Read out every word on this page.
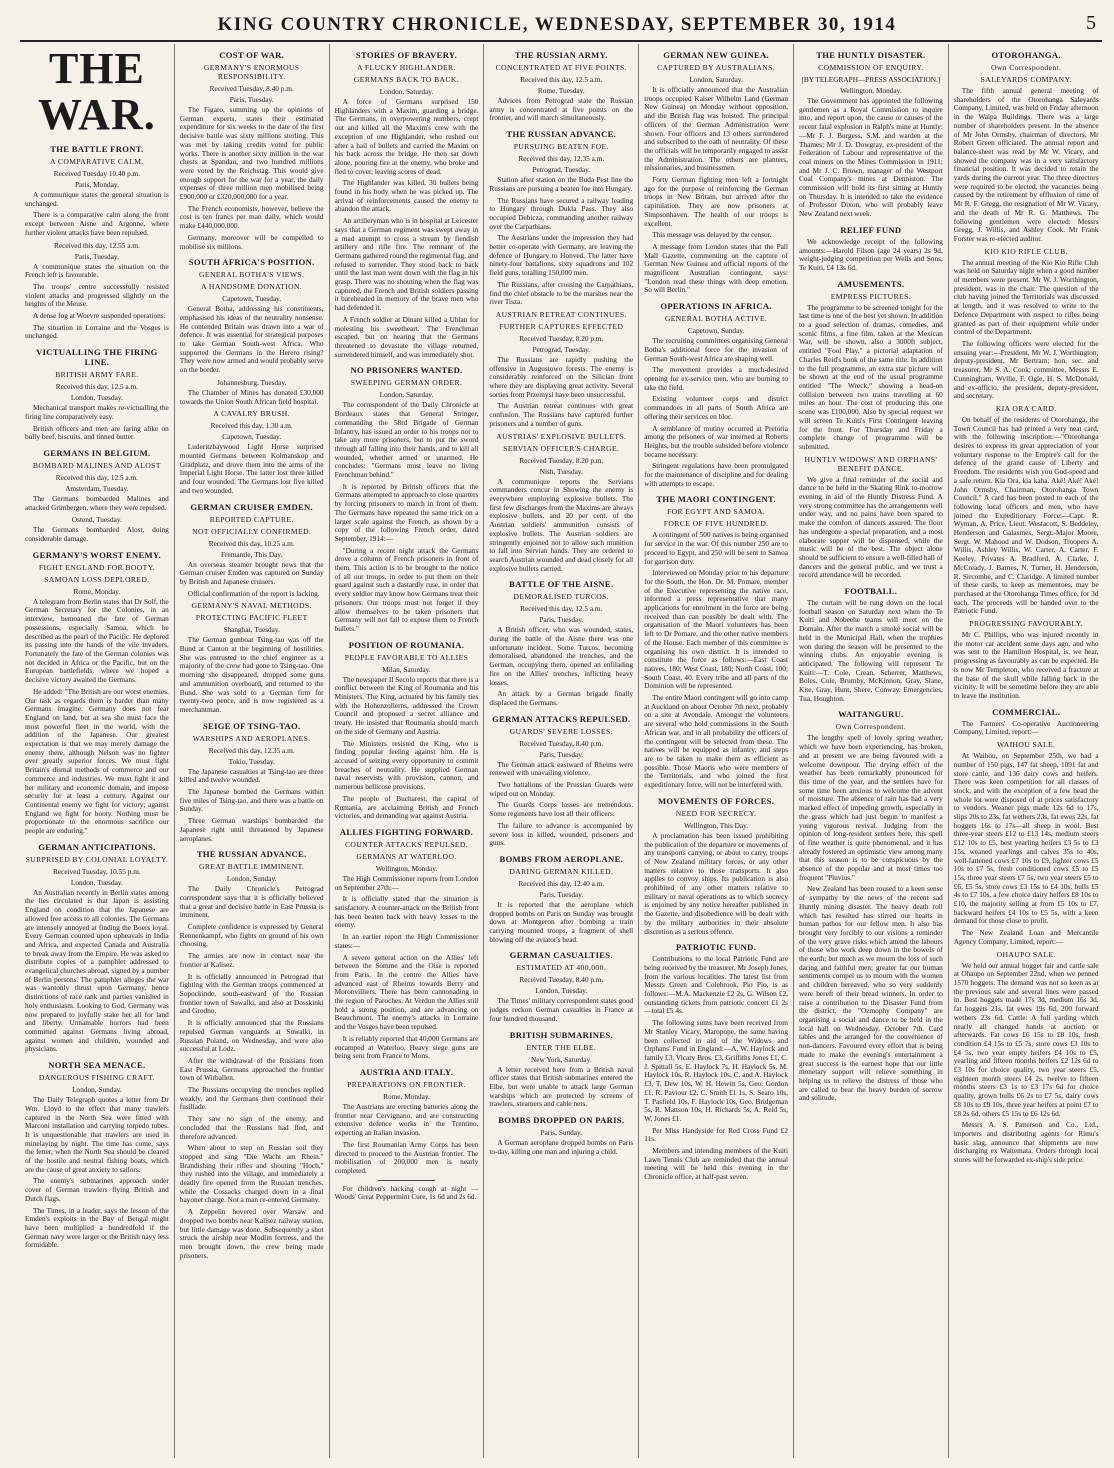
KING COUNTRY CHRONICLE, WEDNESDAY, SEPTEMBER 30, 1914	5
THE WAR.
THE BATTLE FRONT.
A COMPARATIVE CALM.
Received Tuesday 10.40 p.m.
Paris, Monday.
A communique states the general situation is unchanged.
There is a comparative calm along the front except between Aisne and Argonne, where further violent attacks have been repulsed.
Received this day, 12.55 a.m.
Paris, Tuesday.
A communique states the situation on the French left is favourable.
The troops' centre successfully resisted violent attacks and progressed slightly on the heights of the Meuse.
A dense fog at Woevre suspended operations.
The situation in Lorraine and the Vosges is unchanged.
VICTUALLING THE FIRING LINE.
BRITISH ARMY FARE.
Received this day, 12.5 a.m.
London, Tuesday.
Mechanical transport makes re-victualling the firing line comparatively easy.
British officers and men are faring alike on bully beef, biscuits, and tinned butter.
GERMANS IN BELGIUM.
BOMBARD MALINES AND ALOST
Received this day, 12.5 a.m.
Amsterdam, Tuesday.
The Germans bombarded Malines and attacked Grimbergen, where they were repulsed.
Ostend, Tuesday.
The Germans bombarded Alost, doing considerable damage.
GERMANY'S WORST ENEMY.
FIGHT ENGLAND FOR BOOTY.
SAMOAN LOSS DEPLORED.
Rome, Monday.
A telegram from Berlin states that Dr Solf, the German Secretary for the Colonies, in an interview, bemoaned the fate of German possessions, especially Samoa, which he described as the pearl of the Pacific. He deplored its passing into the hands of the vile invaders. Fortunately the fate of the German colonies was not decided in Africa or the Pacific, but on the European battlefields, where we hoped a decisive victory awaited the Germans.
He added: "The British are our worst enemies. Our task as regards them is harder than many Germans imagine. Germany does not fear England on land, but at sea she must face the most powerful fleet in the world, with the addition of the Japanese. Our greatest expectation is that we may merely damage the enemy there, although Nelson was no fighter over greatly superior forces. We must fight Britain's dismal methods of commerce and our commerce and industries. We must fight it and her military and economic domain, and impose security for at least a century. Against our Continental enemy we fight for victory; against England we fight for booty. Nothing must be proportionate to the enormous sacrifice our people are enduring."
GERMAN ANTICIPATIONS.
SURPRISED BY COLONIAL LOYALTY.
Received Tuesday, 10.55 p.m.
London, Tuesday.
An Australian recently in Berlin states among the lies circulated is that Japan is assisting England on condition that the Japanese are allowed free access to all colonies. The Germans are intensely annoyed at finding the Boers loyal. Every German counted upon upheavals in India and Africa, and expected Canada and Australia to break away from the Empire. He was asked to distribute copies of a pamphlet addressed to evangelical churches abroad, signed by a number of Berlin persons. The pamphlet alleges the war was wantonly thrust upon Germany, hence distinctions of race rank and parties vanished in holy enthusiasm. Looking to God, Germany was now prepared to joyfully stake her all for land and liberty. Unnamable horrors had been committed against Germans living abroad, against women and children, wounded and physicians.
NORTH SEA MENACE.
DANGEROUS FISHING CRAFT.
London, Sunday.
The Daily Telegraph quotes a letter from Dr Wm. Lloyd to the effect that many trawlers captured in the North Sea were fitted with Marconi installation and carrying torpedo tubes. It is unquestionable that trawlers are used in minelaying by night. The time has come, says the letter, when the North Sea should be cleared of the hostile and neutral fishing boats, which are the cause of great anxiety to sailors.
The enemy's submarines approach under cover of German trawlers flying British and Dutch flags.
The Times, in a leader, says the lesson of the Emden's exploits in the Bay of Bengal might have been multiplied a hundredfold if the German navy were larger or the British navy less formidable.
COST OF WAR.
GERMANY'S ENORMOUS RESPONSIBILITY.
Received Tuesday, 8.40 p.m.
Paris, Tuesday.
The Figaro, summing up the opinions of German experts, states their estimated expenditure for six weeks to the date of the first decisive battle was sixty millions sterling. This was met by taking credits voted for public works. There is another sixty million in the war chests at Spandau, and two hundred millions were voted by the Reichstag. This would give enough support for the war for a year, the daily expenses of three million men mobilised being £900,000 or £320,000,000 for a year.
The French economists, however, believe the cost is ten francs per man daily, which would make £440,000,000.
Germany, moreover will be compelled to mobilise six millions.
SOUTH AFRICA'S POSITION.
GENERAL BOTHA'S VIEWS.
A HANDSOME DONATION.
Capetown, Tuesday.
General Botha, addressing his constituents, emphasised his ideas of the neutrality nonsense. He contended Britain was drawn into a war of defence. It was essential for strategical purposes to take German South-west Africa. Who supported the Germans in the Herero rising? They were now armed and would probably serve on the border.
Johannesburg, Tuesday.
The Chamber of Mines has donated £30,000 towards the Union South African field hospital.
A CAVALRY BRUSH.
Received this day, 1.30 a.m.
Capetown, Tuesday.
Luderitzbaywood Light Horse surprised mounted Germans between Kolmanskop and Gradplatz, and drove them into the arms of the Imperial Light Horse. The latter lost three killed and four wounded. The Germans lost five killed and two wounded.
GERMAN CRUISER EMDEN.
REPORTED CAPTURE.
NOT OFFICIALLY CONFIRMED.
Received this day, 10.25 a.m.
Fremantle, This Day.
An overseas steamer brought news that the German cruiser Emden was captured on Sunday by British and Japanese cruisers.
Official confirmation of the report is lacking.
GERMANY'S NAVAL METHODS.
PROTECTING PACIFIC FLEET
Shanghai, Tuesday.
The German gunboat Tsing-tao was off the Bund at Canton at the beginning of hostilities. She was entrusted to the chief engineer as a majority of the crew had gone to Tsing-tao. One morning she disappeared, dropped some guns and ammunition overboard, and returned to the Bund. She was sold to a German firm for twenty-two pence, and is now registered as a merchantman.
SEIGE OF TSING-TAO.
WARSHIPS AND AEROPLANES.
Received this day, 12.35 a.m.
Tokio, Tuesday.
The Japanese casualties at Tsing-tao are three killed and twelve wounded.
The Japanese bombed the Germans within five miles of Tsing-tao, and there was a battle on Sunday.
Three German warships bombarded the Japanese right until threatened by Japanese aeroplanes.
THE RUSSIAN ADVANCE.
GREAT BATTLE IMMINENT.
London, Sunday.
The Daily Chronicle's Petrograd correspondent says that it is officially believed that a great and decisive battle in East Prussia is imminent.
Complete confidence is expressed by General Rennenkampf, who fights on ground of his own choosing.
The armies are now in contact near the frontier at Kalisez.
It is officially announced in Petrograd that fighting with the German troops commenced at Sopockinde, south-eastward of the Russian frontier town of Suwalki, and also at Dosskinki and Grodno.
It is officially announced that the Russians repulsed German vanguards at Suwalki, in Russian Poland, on Wednesday, and were also successful at Lodz.
After the withdrawal of the Russians from East Prussia, Germans approached the frontier town of Wirballen.
The Russians occupying the trenches replied weakly, and the Germans then continued their fusillade.
They saw no sign of the enemy, and concluded that the Russians had fled, and therefore advanced.
When about to step on Russian soil they stopped and sang "Die Wacht am Rhein." Brandishing their rifles and shouting "Hoch," they rushed into the village, and immediately a deadly fire opened from the Russian trenches, while the Cossacks charged down in a final bayonet charge. Not a man re-entered Germany.
A Zeppelin hovered over Warsaw and dropped two bombs near Kalisez railway station, but little damage was done. Subsequently a shot struck the airship near Modlin fortress, and the men brought down, the crew being made prisoners.
STORIES OF BRAVERY.
A FLUCKY HIGHLANDER.
GERMANS BACK TO BACK.
London, Saturday.
A force of Germans surprised 150 Highlanders with a Maxim, guarding a bridge. The Germans, in overpowering numbers, crept out and killed all the Maxim's crew with the exception of one Highlander, who rushed out after a hail of bullets and carried the Maxim on his back across the bridge. He then sat down alone, pouring fire at the enemy, who broke and fled to cover, leaving scores of dead.
The Highlander was killed, 30 bullets being found in his body when he was picked up. The arrival of reinforcements caused the enemy to abandon the attack.
An artilleryman who is in hospital at Leicester says that a German regiment was swept away in a mad attempt to cross a stream by fiendish artillery and rifle fire. The remnant of the Germans gathered round the regimental flag, and refused to surrender. They stood back to back until the last man went down with the flag in his grasp. There was no shouting when the flag was captured, the French and British soldiers passing it bareheaded in memory of the brave men who had defended it.
A French soldier at Dinant killed a Uhlan for molesting his sweetheart. The Frenchman escaped, but on hearing that the Germans threatened to devastate the village returned, surrendered himself, and was immediately shot.
NO PRISONERS WANTED.
SWEEPING GERMAN ORDER.
London, Saturday.
The correspondent of the Daily Chronicle at Bordeaux states that General Stringer, commanding the 58rd Brigade of German Infantry, has issued an order to his troops not to take any more prisoners, but to put the sword through all falling into their hands, and to kill all wounded, whether armed or unarmed. He concludes: "Germans must leave no living Frenchman behind."
It is reported by British officers that the Germans attempted to approach to close quarters by forcing prisoners to march in front of them. The Germans have repeated the same trick on a larger scale against the French, as shown by a copy of the following French order, dated September, 1914:—
"During a recent night attack the Germans drove a column of French prisoners in front of them. This action is to be brought to the notice of all our troops, in order to put them on their guard against such a dastardly ruse, in order that every soldier may know how Germans treat their prisoners. Our troops must not forget if they allow themselves to be taken prisoners that Germany will not fail to expose them to French bullets."
POSITION OF ROUMANIA.
PEOPLE FAVORABLE TO ALLIES
Milan, Saturday.
The newspaper Il Secolo reports that there is a conflict between the King of Roumania and his Ministers. The King, actuated by his family ties with the Hohenzollerns, addressed the Crown Council and proposed a secret alliance and treaty. He insisted that Roumania should march on the side of Germany and Austria.
The Ministers resisted the King, who is finding popular feeling against him. He is accused of seizing every opportunity to commit breaches of neutrality. He supplied German naval reservists with provision, cannon, and numerous bellicose provisions.
The people of Bucharest, the capital of Rumania, are acclaiming British and French victories, and demanding war against Austria.
ALLIES FIGHTING FORWARD.
COUNTER ATTACKS REPULSED.
GERMANS AT WATERLOO.
Wellington, Monday.
The High Commissioner reports from London on September 27th:—
It is officially stated that the situation is satisfactory. A counter-attack on the British front has been beaten back with heavy losses to the enemy.
In an earlier report the High Commissioner states:—
A severe general action on the Allies' left between the Somme and the Oise is reported from Paris. In the centre the Allies have advanced east of Rheims towards Berry and Moronvilliers. There has been cannonading in the region of Paroches. At Verdun the Allies still hold a strong position, and are advancing on Beauchmont. The enemy's attacks in Lorraine and the Vosges have been repulsed.
It is reliably reported that 40,000 Germans are encamped at Waterloo. Heavy siege guns are being sent from France to Mons.
AUSTRIA AND ITALY.
PREPARATIONS ON FRONTIER.
Rome, Monday.
The Austrians are erecting batteries along the frontier near Cervignano, and are constructing extensive defence works in the Trentino, expecting an Italian invasion.
The first Roumanian Army Corps has been directed to proceed to the Austrian frontier. The mobilisation of 200,000 men is nearly completed.
For children's hacking cough at night — Woods' Great Peppermint Cure, 1s 6d and 2s 6d.
THE RUSSIAN ARMY.
CONCENTRATED AT FIVE POINTS.
Received this day, 12.5 a.m.
Rome, Tuesday.
Advices from Petrograd state the Russian army is concentrated at five points on the frontier, and will march simultaneously.
THE RUSSIAN ADVANCE.
PURSUING BEATEN FOE.
Received this day, 12.35 a.m.
Petrograd, Tuesday.
Station after station on the Buda Pest line the Russians are pursuing a beaten foe into Hungary.
The Russians have secured a railway leading to Hungary through Dukla Pass. They also occupied Debicza, commanding another railway over the Carpathians.
The Austrians under the impression they had better co-operate with Germany, are leaving the defence of Hungary to Honved. The latter have ninety-four battalions, sixty squadrons and 102 field guns, totalling 150,000 men.
The Russians, after crossing the Carpathians, find the chief obstacle to be the marshes near the river Tisza.
AUSTRIAN RETREAT CONTINUES.
FURTHER CAPTURES EFFECTED
Received Tuesday, 8.20 p.m.
Petrograd, Tuesday.
The Russians are rapidly pushing the offensive in Augustowo forests. The enemy is considerably reinforced on the Silician front where they are displaying great activity. Several sorties from Przemysl have been unsuccessful.
The Austrian retreat continues with great confusion. The Russians have captured further prisoners and a number of guns.
AUSTRIAS' EXPLOSIVE BULLETS.
SERVIAN OFFICER'S CHARGE.
Received Tuesday, 8.20 p.m.
Nish, Tuesday.
A communique reports the Servians commanders concur in Showing the enemy is everywhere employing explosive bullets. The first few discharges from the Maxims are always explosive bullets, and 20 per cent. of the Austrian soldiers' ammunition consists of explosive bullets. The Austrian soldiers are stringently enjoined not to allow such munition to fall into Servian hands. They are ordered to search Austrian wounded and dead closely for all explosive bullets carried.
BATTLE OF THE AISNE.
DEMORALISED TURCOS.
Received this day, 12.5 a.m.
Paris, Tuesday.
A British officer, who was wounded, states, during the battle of the Aisne there was one unfortunate incident. Some Turcos, becoming demoralised, abandoned the trenches, and the German, occupying them, opened an enfilading fire on the Allies' trenches, inflicting heavy losses.
An attack by a German brigade finally displaced the Germans.
GERMAN ATTACKS REPULSED.
GUARDS' SEVERE LOSSES.
Received Tuesday, 8.40 p.m.
Paris, Tuesday.
The German attack eastward of Rheims were renewed with unavailing violence.
Two battalions of the Prussian Guards were wiped out on Monday.
The Guards Corps losses are tremendous. Some regiments have lost all their officers.
The failure to advance is accompanied by severe loss in killed, wounded, prisoners and guns.
BOMBS FROM AEROPLANE.
DARING GERMAN KILLED.
Received this day, 12.40 a.m.
Paris, Tuesday.
It is reported that the aeroplane which dropped bombs on Paris on Sunday was brought down at Montgeron after bombing a train carrying mounted troops, a fragment of shell blowing off the aviator's head.
GERMAN CASUALTIES.
ESTIMATED AT 400,000.
Received Tuesday, 8.40 p.m.
London, Tuesday.
The Times' military correspondent states good judges reckon German casualties in France at four hundred thousand.
BRITISH SUBMARINES.
ENTER THE ELBE.
New York, Saturday.
A letter received here from a British naval officer states that British submarines entered the Elbe, but were unable to attack large German warships which are protected by screens of trawlers, steamers and cable nets.
BOMBS DROPPED ON PARIS.
Paris, Sunday.
A German aeroplane dropped bombs on Paris to-day, killing one man and injuring a child.
GERMAN NEW GUINEA.
CAPTURED BY AUSTRALIANS.
London, Saturday.
It is officially announced that the Australian troops occupied Kaiser Wilhelm Land (German New Guinea) on Monday without opposition, and the British flag was hoisted. The principal officers of the German Administration were shown. Four officers and 13 others surrendered and subscribed to the oath of neutrality. Of these the officials will be temporarily engaged to assist the Administration. The others are planters, missionaries, and businessmen.
Forty German fighting men left a fortnight ago for the purpose of reinforcing the German troops in New Britain, but arrived after the capitulation. They are now prisoners at Simpsonhaven. The health of our troops is excellent.
This message was delayed by the censor.
A message from London states that the Pall Mall Gazette, commenting on the capture of German New Guinea and official reports of the magnificent Australian contingent, says: "London read these things with deep emotion. So will Berlin."
OPERATIONS IN AFRICA.
GENERAL BOTHA ACTIVE.
Capetown, Sunday.
The recruiting committees organising General Botha's additional force for the invasion of German South-west Africa are shaping well.
The movement provides a much-desired opening for ex-service men, who are burning to take the field.
Existing volunteer corps and district commandoes in all parts of South Africa are offering their services en bloc.
A semblance of mutiny occurred at Pretoria among the prisoners of war interned at Roberts Heights, but the trouble subsided before violence became necessary.
Stringent regulations have been promulgated for the maintenance of discipline and for dealing with attempts to escape.
THE MAORI CONTINGENT.
FOR EGYPT AND SAMOA.
FORCE OF FIVE HUNDRED.
A contingent of 500 natives is being organised for service in the war. Of this number 250 are to proceed to Egypt, and 250 will be sent to Samoa for garrison duty.
Interviewed on Monday prior to his departure for the South, the Hon. Dr. M. Pomare, member of the Executive representing the native race, informed a press representative that many applications for enrolment in the force are being received than can possibly be dealt with. The organisation of the Maori volunteers has been left to Dr Pomare, and the other native members of the House. Each member of this committee is organising his own district. It is intended to constitute the force as follows:—East Coast natives, 180; West Coast, 180; North Coast, 100; South Coast, 40. Every tribe and all parts of the Dominion will be represented.
The entire Maori contingent will go into camp at Auckland on about October 7th next, probably on a site at Avondale. Amongst the volunteers are several who hold commissions in the South African war, and in all probability the officers of the contingent will be selected from these. The natives will be equipped as infantry, and steps are to be taken to make them as efficient as possible. Those Maoris who were members of the Territorials, and who joined the first expeditionary force, will not be interfered with.
MOVEMENTS OF FORCES.
NEED FOR SECRECY.
Wellington, This Day.
A proclamation has been issued prohibiting the publication of the departure or movements of any transports carrying, or about to carry, troops of New Zealand military forces, or any other matters relative to those transports. It also applies to convoy ships. Its publication is also prohibited of any other matters relative to military or naval operations as to which secrecy is enjoined by any notice hereafter published in the Gazette, and disobedience will be dealt with by the military authorities in their absolute discretion as a serious offence.
PATRIOTIC FUND.
Contributions to the local Patriotic Fund are being received by the treasurer, Mr Joseph Jones, from the various localities. The latest list from Messrs Green and Colebrook, Pio Pio, is as follows:—M.A. Mackenzie £2 2s, G. Wilson £2, outstanding tickets from patriotic concert £1 2s—total £5 4s.
The following sums have been received from Mr Stanley Vicary, Maropope, the same having been collected in aid of the Widows and Orphans' Fund in England:—A. W. Haylock and family £3, Vicary Bros. £3, Griffiths Jones £1, C. J. Spittall 5s, E. Haylock 7s, H. Haylock 5s, M. Haylock 10s, R. Haylock 10s, C. and A. Haylock £3, T. Dew 10s, W. H. Hewitt 5s, Geo. Gordon £1, R. Paviour £2, C. Smith £1 1s, S. Searo 10s, T. Pasfield 10s, F. Haylock 10s, Geo. Bridgeman 5s, R. Mattson 10s, H. Richards 5s, A. Reid 5s, W. Jones £1.
Per Miss Handyside for Red Cross Fund £2 11s.
Members and intending members of the Kuiti Lawn Tennis Club are reminded that the annual meeting will be held this evening in the Chronicle office, at half-past seven.
THE HUNTLY DISASTER.
COMMISSION OF ENQUIRY.
[BY TELEGRAPH—PRESS ASSOCIATION.]
Wellington, Monday.
The Government has appointed the following gentlemen as a Royal Commission to inquire into, and report upon, the cause or causes of the recent fatal explosion in Ralph's mine at Huntly:—Mr F. J. Burgess, S.M. and warden at the Thames; Mr J. D. Dowgray, ex-president of the Federation of Labour and representative of the coal miners on the Mines Commission in 1911; and Mr J. C. Brown, manager of the Westport Coal Company's mines at Denniston. The commission will hold its first sitting at Huntly on Thursday. It is intended to take the evidence of Professor Dixon, who will probably leave New Zealand next week.
RELIEF FUND
We acknowledge receipt of the following amounts:—Harold Filson (age 24 years) 2s 9d, weight-judging competition per Wells and Sons, Te Kuiti, £4 13s 6d.
AMUSEMENTS.
EMPRESS PICTURES.
The programme to be screened tonight for the last time is one of the best yet shown. In addition to a good selection of dramas, comedies, and scenic films, a fine film, taken at the Mexican War, will be shown, also a 3000ft subject, entitled "Fool Play," a pictorial adaptation of Charles Reid's book of the same title. In addition to the full programme, an extra star picture will be shown at the end of the usual programme entitled "The Wreck," showing a head-on collision between two trains travelling at 60 miles an hour. The cost of producing this one scene was £100,000. Also by special request we will screen Te Kuiti's First Contingent leaving for the front. For Thursday and Friday a complete change of programme will be submitted.
HUNTLY WIDOWS' AND ORPHANS' BENEFIT DANCE.
We give a final reminder of the social and dance to be held in the Skating Rink to-morrow evening in aid of the Huntly Distress Fund. A very strong committee has the arrangements well under way, and no pains have been spared to make the comfort of dancers assured. The floor has undergone a special preparation, and a most elaborate supper will be dispensed, while the music will be of the best. The object alone should be sufficient to ensure a well-filled hall of dancers and the general public, and we trust a record attendance will be recorded.
FOOTBALL.
The curtain will be rung down on the local football season on Saturday next when the Te Kuiti and Nobeehe teams will meet on the Domain. After the match a smoke social will be held in the Municipal Hall, when the trophies won during the season will be presented to the winning clubs. An enjoyable evening is anticipated. The following will represent Te Kuiti:—T. Cole, Crean, Scherrer, Matthews, Boles, Cole, Brumby, McKinnon, Gray, Slane, Kite, Gray, Hunt, Shere, Conway. Emergencies, Tua, Houghton.
WAITANGURU.
Own Correspondent.
The lengthy spell of lovely spring weather, which we have been experiencing, has broken, and at present we are being favoured with a welcome downpour. The drying effect of the weather has been remarkably pronounced for this time of the year, and the settlers have for some time been anxious to welcome the advent of moisture. The absence of rain has had a very marked effect of impeding growth, especially in the grass which had just begun to manifest a young vigorous revival. Judging from the opinion of long-resident settlers here, this spell of fine weather is quite phenomenal, and it has already fostered an optimistic view among many that this season is to be conspicuous by the absence of the popular and at most times too frequent "Pluvius."
New Zealand has been roused to a keen sense of sympathy by the news of the recent sad Huntly mining disaster. The heavy death roll which has resulted has stirred our hearts in human pathos for our fellow men. It also has brought very forcibly to our visions a reminder of the very grave risks which attend the labours of those who work deep down in the bowels of the earth; but much as we mourn the loss of such daring and faithful men; greater far our human sentiments compel us to mourn with the women and children bereaved, who so very suddenly were bereft of their bread winners. In order to raise a contribution to the Disaster Fund from the district, the "Ozmophy Company" are organising a social and dance to be held in the local hall on Wednesday, October 7th. Card tables and the arranged for the convenience of non-dancers. Favoured every effort that is being made to make the evening's entertainment a great success is the earnest hope that our little monetary support will relieve something in helping us to relieve the distress of those who are called to bear the heavy burden of sorrow and solitude.
OTOROHANGA.
Own Correspondent.
SALEYARDS COMPANY.
The fifth annual general meeting of shareholders of the Otorohanga Saleyards Company, Limited, was held on Friday afternoon in the Waipa Buildings. There was a large number of shareholders present. In the absence of Mr John Ormsby, chairman of directors, Mr Robert Green officiated. The annual report and balance-sheet was read by Mr W. Vicary, and showed the company was in a very satisfactory financial position. It was decided to retain the yards during the current year. The three directors were required to be elected, the vacancies being caused by the retirement by effluxion of time of Mr R. F. Gregg, the resignation of Mr W. Vicary, and the death of Mr R. G. Matthews. The following gentlemen were elected: Messrs Gregg, J. Willis, and Ashley Cook. Mr Frank Forster was re-elected auditor.
KIO KIO RIFLE CLUB.
The annual meeting of the Kio Kio Rifle Club was held on Saturday night when a good number of members were present. Mr W. J. Worthington, president, was in the chair. The question of the club having joined the Territorials was discussed at length, and it was resolved to write to the Defence Department with respect to rifles being granted as part of their equipment while under control of the Department.
The following officers were elected for the ensuing year:—President, Mr W. J. Worthington; deputy-president, Mr Bertram; hon. sec. and treasurer, Mr S. A. Cook; committee, Messrs E. Cunningham, Wyllie, F. Ogle, H. S. McDonald, and ex-officio, the president, deputy-president, and secretary.
KIA ORA CARD.
On behalf of the residents of Otorohanga, the Town Council has had printed a very neat card, with the following inscription:—"Otorohanga desires to express its great appreciation of your voluntary response to the Empire's call for the defence of the grand cause of Liberty and Freedom. The residents wish you God-speed and a safe return. Kia Ora, kia kaha. Aké! Aké! Aké! John Ormsby, Chairman, Otorohanga Town Council." A card has been posted to each of the following local officers and men, who have joined the Expeditionary Force:—Capt. R. Wyman, A. Price, Lieut. Westacott, S. Beddeley, Henderson and Galasmes, Sergt.-Major Moore, Sergt. W. Mahood and W. Dodson, Troopers A. Willis, Ashley Willis, W. Carter, A. Carter, F. Keeley, Privates A. Bradford, A. Clarke, J. McCready, J. Barnes, N. Turner, H. Henderson, R. Sircombe, and C. Claridge. A limited number of these cards, to keep as mementoes, may be purchased at the Otorohanga Times office, for 3d each. The proceeds will be handed over to the Patriotic Fund.
PROGRESSING FAVOURABLY.
Mr C. Phillips, who was injured recently in the motor car accident some days ago, and who was sent to the Hamilton Hospital, is, we hear, progressing as favourably as can be expected. He is now Mr Templeton, who received a fracture at the base of the skull while falling back in the vicinity. It will be sometime before they are able to leave the institution.
COMMERCIAL.
The Farmers' Co-operative Auctioneering Company, Limited, report:—
WAIHOU SALE.
At Waihou, on September 25th, we had a number of 150 pigs, 147 fat sheep, 1091 fat and store cattle, and 136 dairy cows and heifers. There was keen competition for all classes of stock, and with the exception of a few head the whole lot were disposed of at prices satisfactory to vendors. Weaner pigs made 12s 6d to 17s, slips 20s to 23s, fat wethers 23s, fat ewes 22s, fat hoggets 16s to 17s—all sheep in wool. Best three-year steers £12 to £13 14s, medium steers £12 10s to £5, best yearling heifers £3 5s to £3 15s, weaned yearlings and calves 35s to 40s, well-fattened cows £7 10s to £9, lighter cows £5 10s to £7 5s, fresh conditioned cows £5 to £5 15s, three year steers £7 5s, two year steers £5 to £6, £5 5s, store cows £3 15s to £4 10s, bulls £5 4s to £7 10s, a few choice dairy heifers £8 10s to £10, the majority selling at from £5 10s to £7, backward heifers £4 10s to £5 5s, with a keen demand for those close to profit.
The New Zealand Loan and Mercantile Agency Company, Limited, report:—
OHAUPO SALE.
We held our annual hogget fair and cattle sale at Ohaupo on September 22nd, when we penned 1570 hoggets. The demand was not so keen as at the previous sale and several lines were passed in. Best hoggets made 17s 3d, medium 16s 3d, fat hoggets 21s, fat ewes 19s 6d, 200 forward wethers 23s 6d. Cattle: A full yarding which nearly all changed hands at auction or afterwards. Fat cows £6 15s to £8 10s, fresh condition £4 15s to £5 7s, store cows £3 10s to £4 5s, two year empty heifers £4 10s to £5, yearling and fifteen months heifers £2 12s 6d to £3 10s for choice quality, two year steers £5, eighteen month steers £4 2s, twelve to fifteen months steers £3 1s to £3 17s 6d for choice quality, grown bulls £6 2s to £7 5s, dairy cows £8 10s to £9 10s, three year heifers at point £7 to £8 2s 6d, others £5 15s to £6 12s 6d.
Messrs A. S. Patterson and Co., Ltd., importers and distributing agents for Rimu's basic slag, announce that shipments are now discharging ex Waitemata. Orders through local stores will be forwarded ex-ship's side price.
